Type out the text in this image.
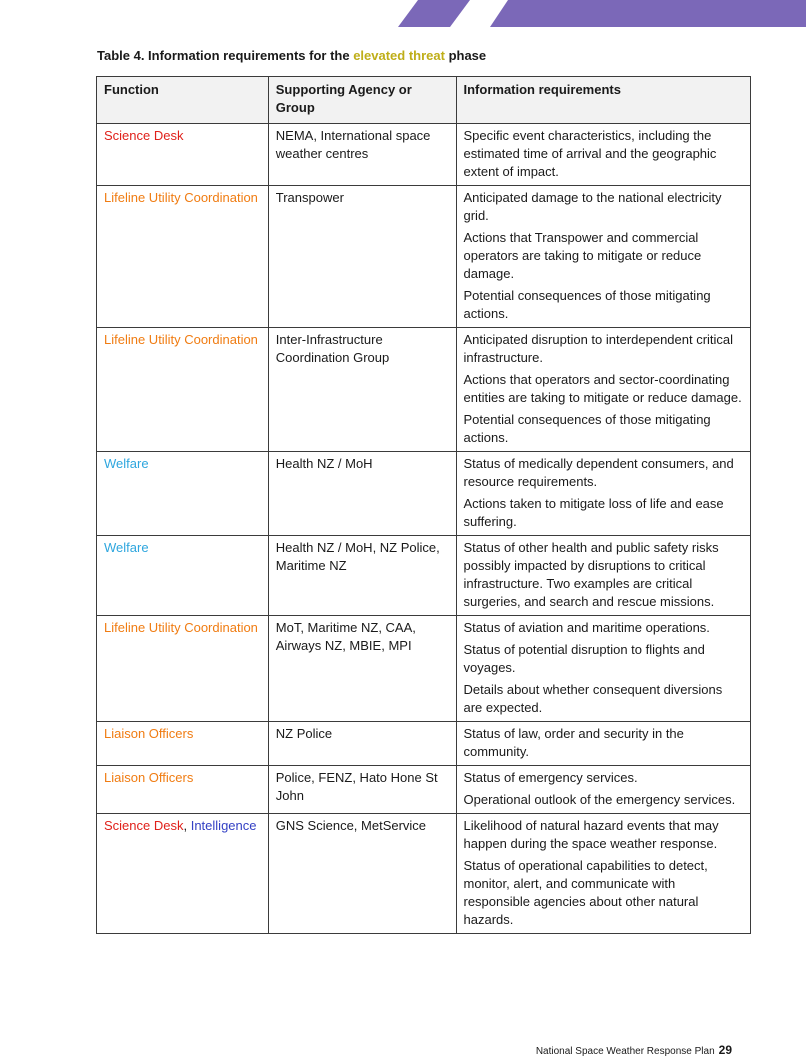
Table 4. Information requirements for the elevated threat phase
Function	Supporting Agency or Group	Information requirements
Science Desk	NEMA, International space weather centres	Specific event characteristics, including the estimated time of arrival and the geographic extent of impact.

Lifeline Utility Coordination	Transpower	Anticipated damage to the national electricity grid.

Actions that Transpower and commercial operators are taking to mitigate or reduce damage.

Potential consequences of those mitigating actions.

Lifeline Utility Coordination	Inter-Infrastructure Coordination Group	Anticipated disruption to interdependent critical infrastructure.

Actions that operators and sector-coordinating entities are taking to mitigate or reduce damage.

Potential consequences of those mitigating actions.

Welfare	Health NZ / MoH	Status of medically dependent consumers, and resource requirements.

Actions taken to mitigate loss of life and ease suffering.

Welfare	Health NZ / MoH, NZ Police, Maritime NZ	Status of other health and public safety risks possibly impacted by disruptions to critical infrastructure. Two examples are critical surgeries, and search and rescue missions.

Lifeline Utility Coordination	MoT, Maritime NZ, CAA, Airways NZ, MBIE, MPI	Status of aviation and maritime operations.

Status of potential disruption to flights and voyages.

Details about whether consequent diversions are expected.

Liaison Officers	NZ Police	Status of law, order and security in the community.

Liaison Officers	Police, FENZ, Hato Hone St John	Status of emergency services.

Operational outlook of the emergency services.

Science Desk, Intelligence	GNS Science, MetService	Likelihood of natural hazard events that may happen during the space weather response.

Status of operational capabilities to detect, monitor, alert, and communicate with responsible agencies about other natural hazards.

National Space Weather Response Plan 29
